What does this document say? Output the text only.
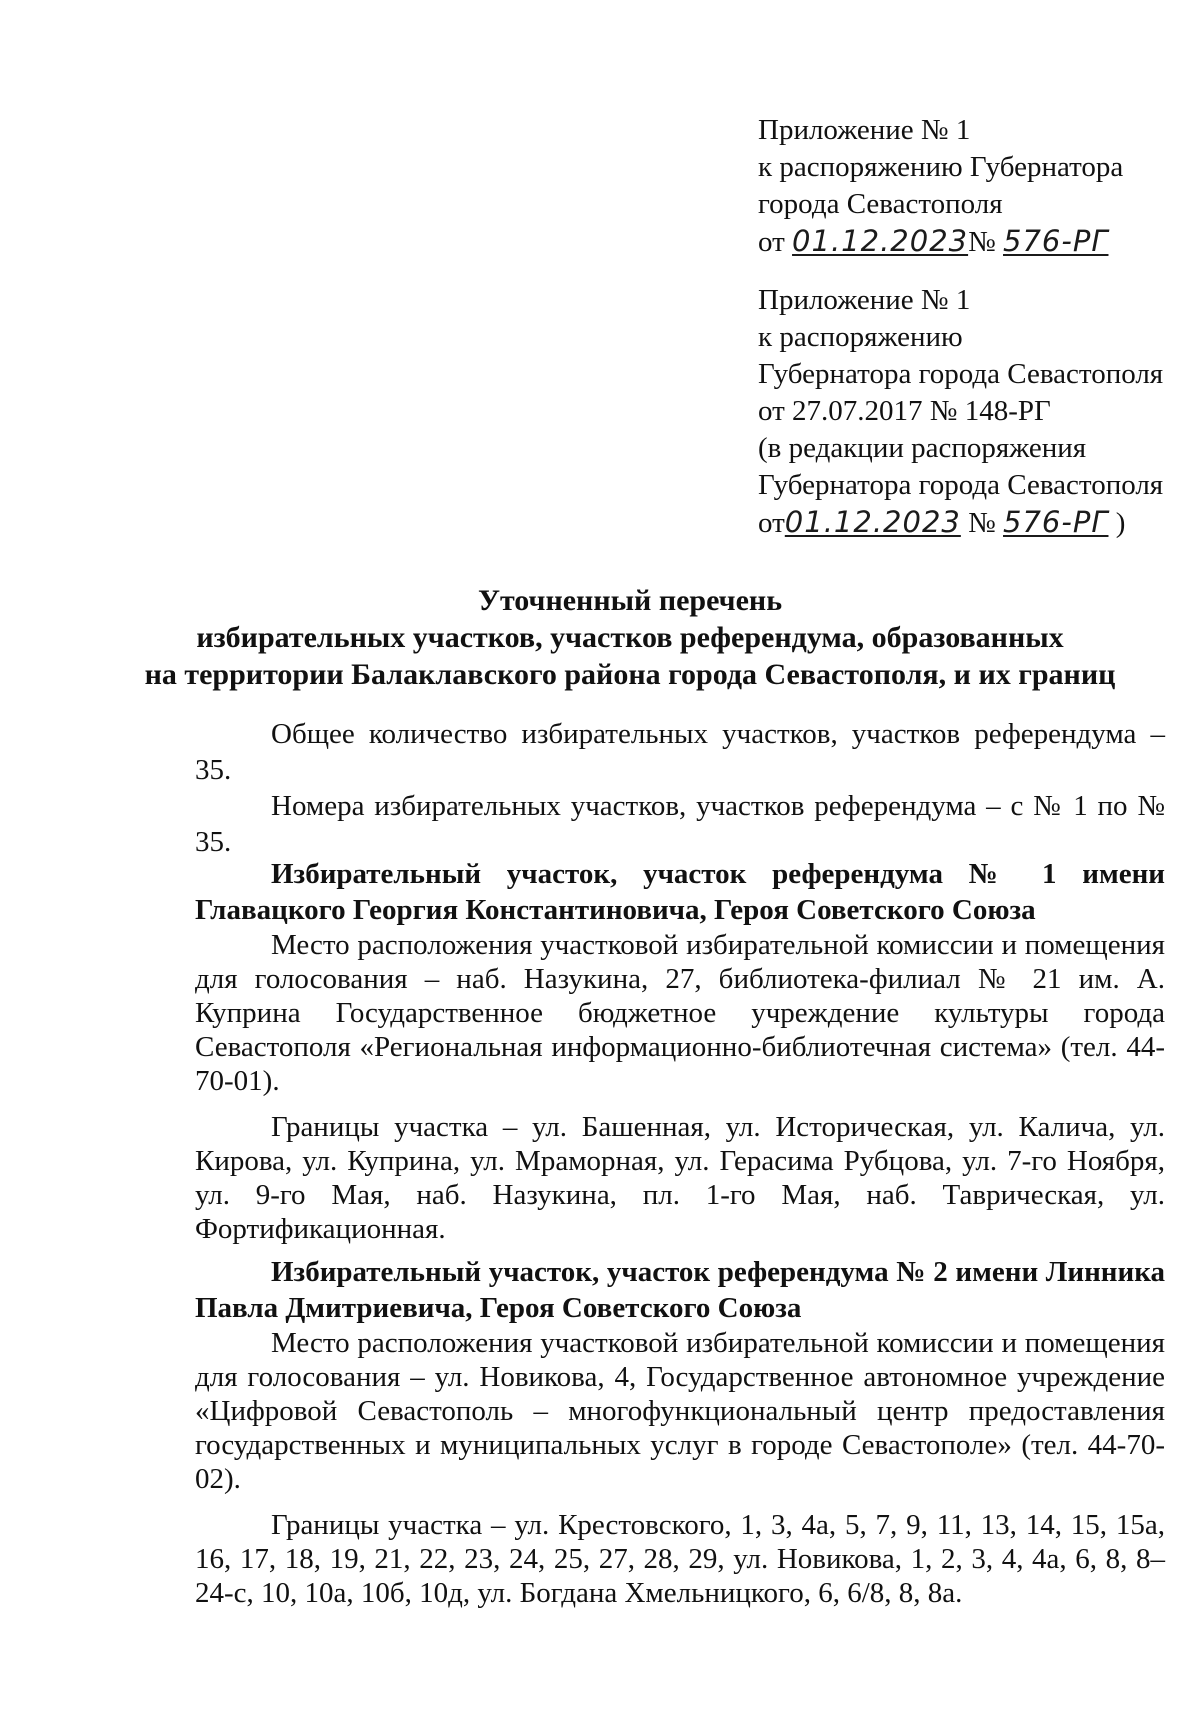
Приложение № 1
к распоряжению Губернатора
города Севастополя
от 01.12.2023№ 576-РГ
Приложение № 1
к распоряжению
Губернатора города Севастополя
от 27.07.2017 № 148-РГ
(в редакции распоряжения
Губернатора города Севастополя
от01.12.2023 № 576-РГ )
Уточненный перечень
избирательных участков, участков референдума, образованных
на территории Балаклавского района города Севастополя, и их границ

Общее количество избирательных участков, участков референдума – 35.

Номера избирательных участков, участков референдума – с № 1 по № 35.

Избирательный участок, участок референдума № 1 имени Главацкого Георгия Константиновича, Героя Советского Союза

Место расположения участковой избирательной комиссии и помещения для голосования – наб. Назукина, 27, библиотека-филиал № 21 им. А. Куприна Государственное бюджетное учреждение культуры города Севастополя «Региональная информационно-библиотечная система» (тел. 44-70-01).

Границы участка – ул. Башенная, ул. Историческая, ул. Калича, ул. Кирова, ул. Куприна, ул. Мраморная, ул. Герасима Рубцова, ул. 7-го Ноября, ул. 9-го Мая, наб. Назукина, пл. 1-го Мая, наб. Таврическая, ул. Фортификационная.

Избирательный участок, участок референдума № 2 имени Линника Павла Дмитриевича, Героя Советского Союза

Место расположения участковой избирательной комиссии и помещения для голосования – ул. Новикова, 4, Государственное автономное учреждение «Цифровой Севастополь – многофункциональный центр предоставления государственных и муниципальных услуг в городе Севастополе» (тел. 44-70-02).

Границы участка – ул. Крестовского, 1, 3, 4а, 5, 7, 9, 11, 13, 14, 15, 15а, 16, 17, 18, 19, 21, 22, 23, 24, 25, 27, 28, 29, ул. Новикова, 1, 2, 3, 4, 4а, 6, 8, 8–24-с, 10, 10а, 10б, 10д, ул. Богдана Хмельницкого, 6, 6/8, 8, 8а.
